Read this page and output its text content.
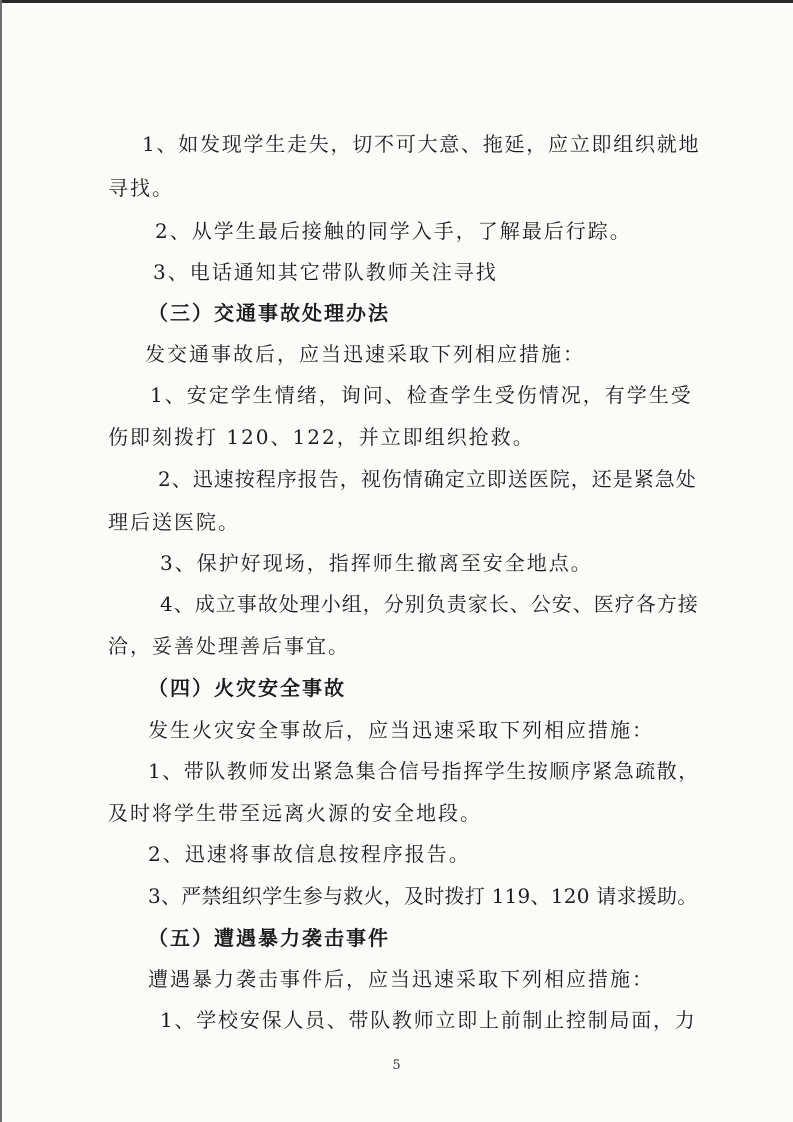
1、如发现学生走失，切不可大意、拖延，应立即组织就地
寻找。
2、从学生最后接触的同学入手，了解最后行踪。
3、电话通知其它带队教师关注寻找
（三）交通事故处理办法
发交通事故后，应当迅速采取下列相应措施：
1、安定学生情绪，询问、检查学生受伤情况，有学生受
伤即刻拨打 120、122，并立即组织抢救。
2、迅速按程序报告，视伤情确定立即送医院，还是紧急处
理后送医院。
3、保护好现场，指挥师生撤离至安全地点。
4、成立事故处理小组，分别负责家长、公安、医疗各方接
洽，妥善处理善后事宜。
（四）火灾安全事故
发生火灾安全事故后，应当迅速采取下列相应措施：
1、带队教师发出紧急集合信号指挥学生按顺序紧急疏散，
及时将学生带至远离火源的安全地段。
2、迅速将事故信息按程序报告。
3、严禁组织学生参与救火，及时拨打 119、120 请求援助。
（五）遭遇暴力袭击事件
遭遇暴力袭击事件后，应当迅速采取下列相应措施：
1、学校安保人员、带队教师立即上前制止控制局面，力
5
